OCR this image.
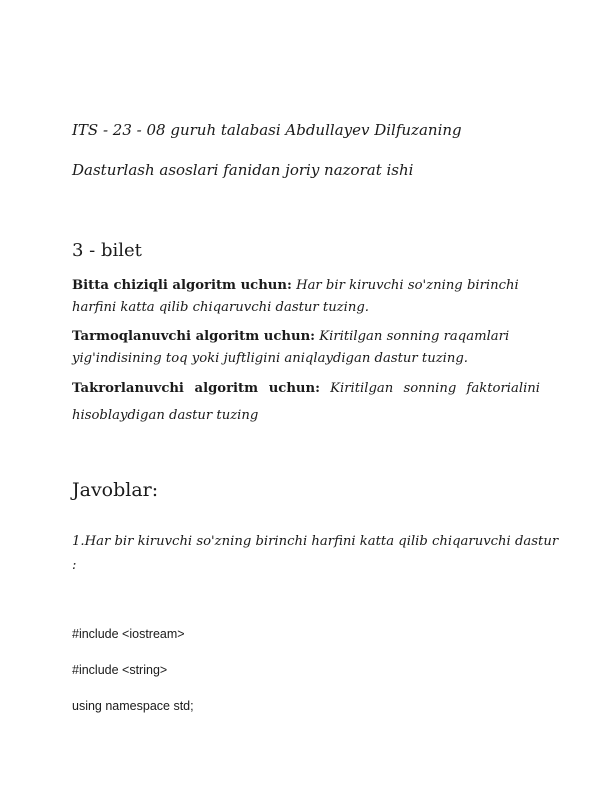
ITS - 23 - 08 guruh talabasi Abdullayev Dilfuzaning
Dasturlash asoslari fanidan joriy nazorat ishi
3 - bilet
Bitta chiziqli algoritm uchun: Har bir kiruvchi so'zning birinchi
harfini katta qilib chiqaruvchi dastur tuzing.
Tarmoqlanuvchi algoritm uchun: Kiritilgan sonning raqamlari
yig'indisining toq yoki juftligini aniqlaydigan dastur tuzing.
Takrorlanuvchi algoritm uchun: Kiritilgan sonning faktorialini
hisoblaydigan dastur tuzing
Javoblar:
1.Har bir kiruvchi so'zning birinchi harfini katta qilib chiqaruvchi dastur
:
#include <iostream>
#include <string>
using namespace std;
